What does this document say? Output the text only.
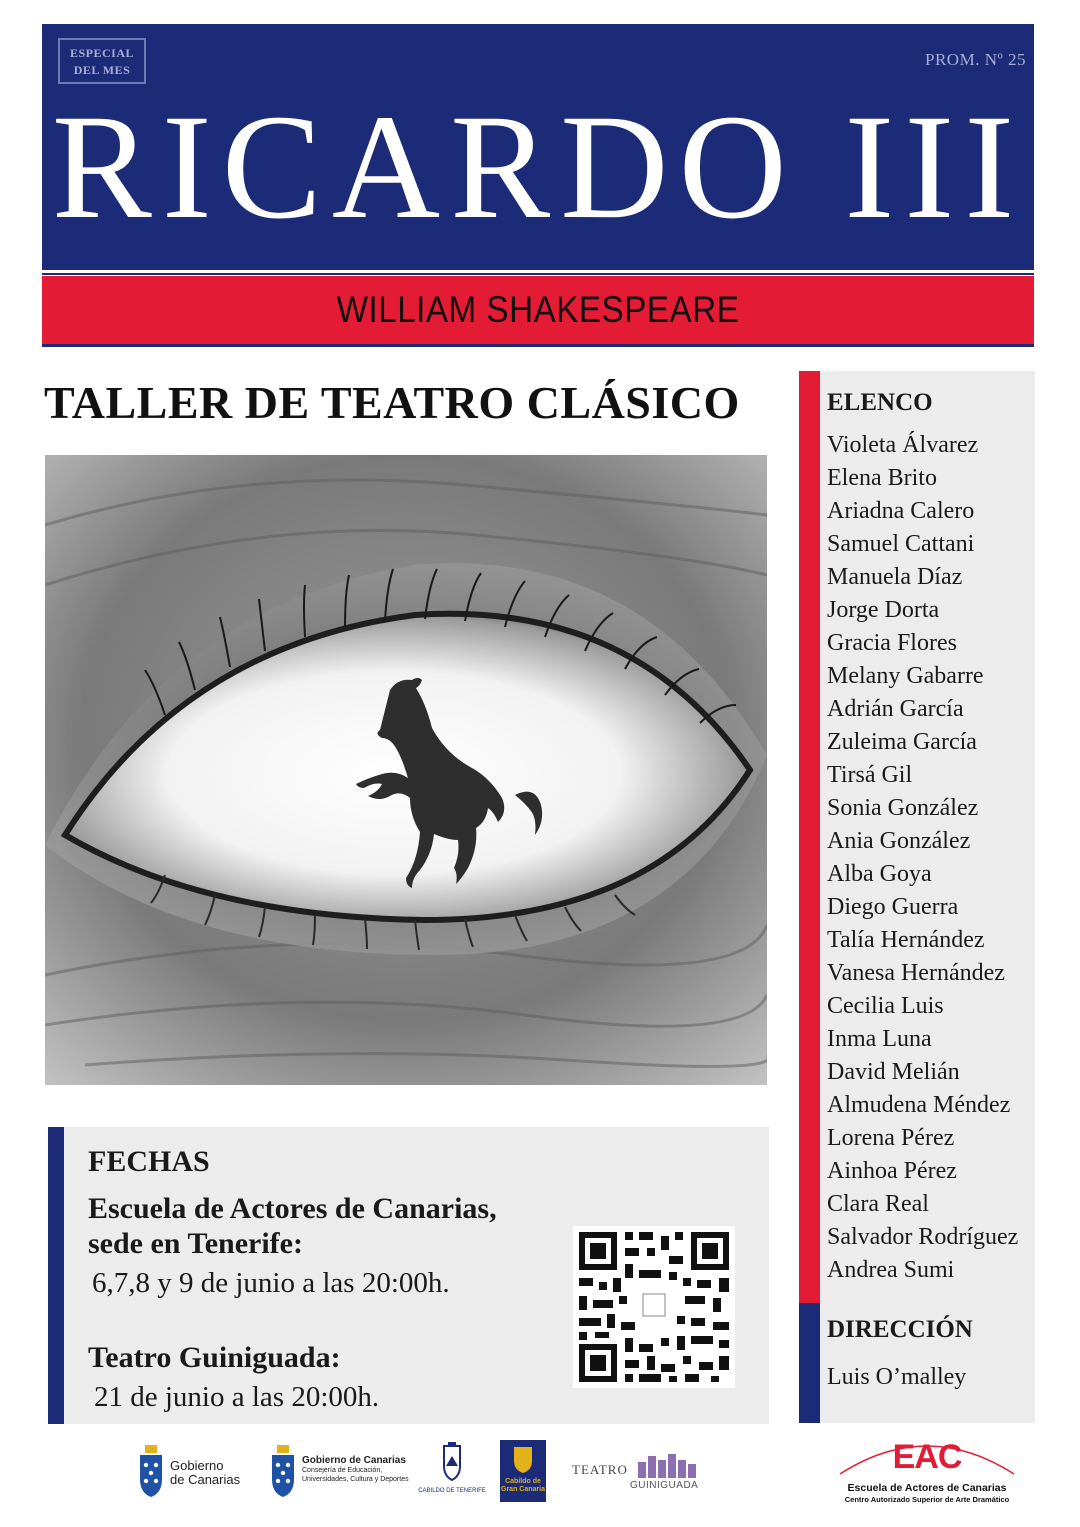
ESPECIAL
DEL MES
PROM. Nº 25
RICARDO III
WILLIAM SHAKESPEARE
TALLER DE TEATRO CLÁSICO
FECHAS
Escuela de Actores de Canarias, sede en Tenerife:
6,7,8 y 9 de junio a las 20:00h.
Teatro Guiniguada:
21 de junio a las 20:00h.
ELENCO
Violeta Álvarez
Elena Brito
Ariadna Calero
Samuel Cattani
Manuela Díaz
Jorge Dorta
Gracia Flores
Melany Gabarre
Adrián García
Zuleima García
Tirsá Gil
Sonia González
Ania González
Alba Goya
Diego Guerra
Talía Hernández
Vanesa Hernández
Cecilia Luis
Inma Luna
David Melián
Almudena Méndez
Lorena Pérez
Ainhoa Pérez
Clara Real
Salvador Rodríguez
Andrea Sumi
DIRECCIÓN
Luis O’malley
Gobierno
de Canarias
Gobierno de Canarias
Consejería de Educación,
Universidades, Cultura y Deportes
CABILDO DE TENERIFE
Cabildo de
Gran Canaria
TEATRO
GUINIGUADA
EAC
Escuela de Actores de Canarias
Centro Autorizado Superior de Arte Dramático
